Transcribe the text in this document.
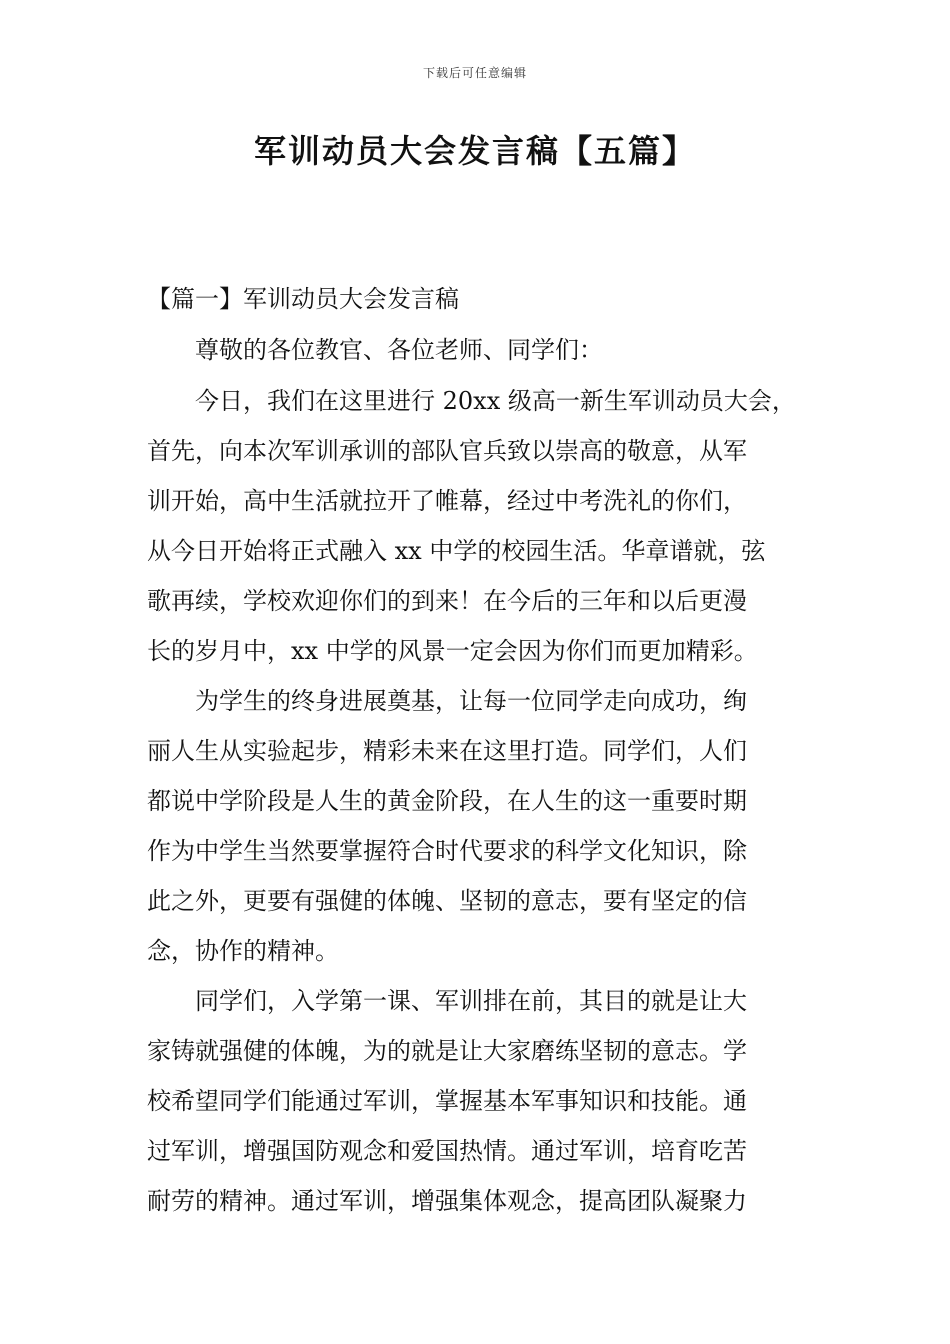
下载后可任意编辑
军训动员大会发言稿【五篇】
【篇一】军训动员大会发言稿

尊敬的各位教官、各位老师、同学们：

今日，我们在这里进行 20xx 级高一新生军训动员大会，
首先，向本次军训承训的部队官兵致以崇高的敬意，从军
训开始，高中生活就拉开了帷幕，经过中考洗礼的你们，
从今日开始将正式融入 xx 中学的校园生活。华章谱就，弦
歌再续，学校欢迎你们的到来！在今后的三年和以后更漫
长的岁月中，xx 中学的风景一定会因为你们而更加精彩。
为学生的终身进展奠基，让每一位同学走向成功，绚
丽人生从实验起步，精彩未来在这里打造。同学们，人们
都说中学阶段是人生的黄金阶段，在人生的这一重要时期
作为中学生当然要掌握符合时代要求的科学文化知识，除
此之外，更要有强健的体魄、坚韧的意志，要有坚定的信
念，协作的精神。
同学们，入学第一课、军训排在前，其目的就是让大
家铸就强健的体魄，为的就是让大家磨练坚韧的意志。学
校希望同学们能通过军训，掌握基本军事知识和技能。通
过军训，增强国防观念和爱国热情。通过军训，培育吃苦
耐劳的精神。通过军训，增强集体观念，提高团队凝聚力
